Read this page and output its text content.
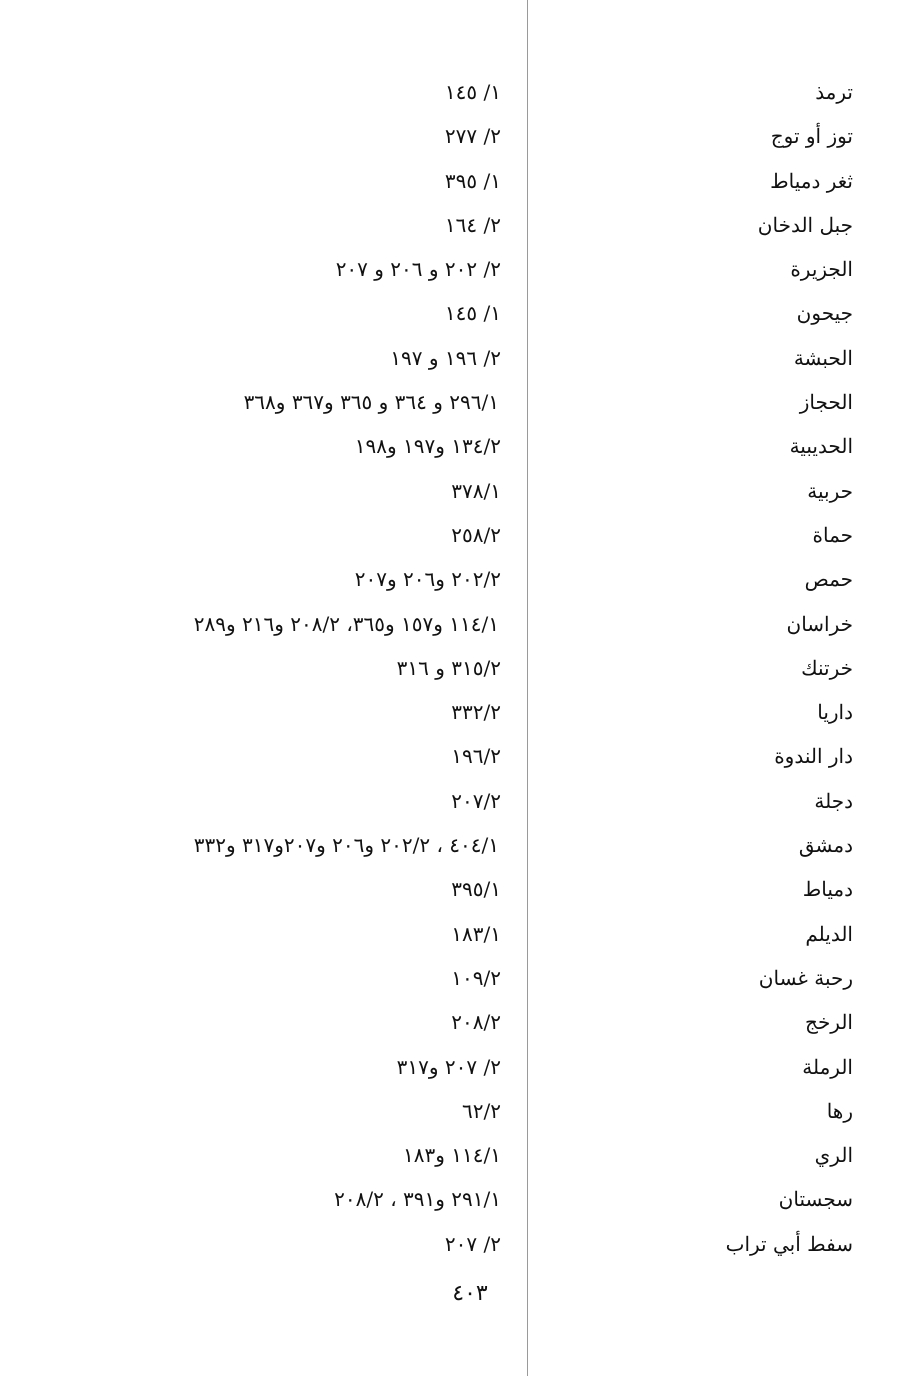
ترمذ
١/ ١٤٥
توز أو توج
٢/ ٢٧٧
ثغر دمياط
١/ ٣٩٥
جبل الدخان
٢/ ١٦٤
الجزيرة
٢/ ٢٠٢ و ٢٠٦ و ٢٠٧
جيحون
١/ ١٤٥
الحبشة
٢/ ١٩٦ و ١٩٧
الحجاز
٢٩٦/١ و ٣٦٤ و ٣٦٥ و٣٦٧ و٣٦٨
الحديبية
١٣٤/٢ و١٩٧ و١٩٨
حربية
٣٧٨/١
حماة
٢٥٨/٢
حمص
٢٠٢/٢ و٢٠٦ و٢٠٧
خراسان
١١٤/١ و١٥٧ و٣٦٥، ٢٠٨/٢ و٢١٦ و٢٨٩
خرتنك
٣١٥/٢ و ٣١٦
داريا
٣٣٢/٢
دار الندوة
١٩٦/٢
دجلة
٢٠٧/٢
دمشق
٤٠٤/١ ، ٢٠٢/٢ و٢٠٦ و٢٠٧و٣١٧ و٣٣٢
دمياط
٣٩٥/١
الديلم
١٨٣/١
رحبة غسان
١٠٩/٢
الرخج
٢٠٨/٢
الرملة
٢/ ٢٠٧ و٣١٧
رها
٦٢/٢
الري
١١٤/١ و١٨٣
سجستان
٢٩١/١ و٣٩١ ، ٢٠٨/٢
سفط أبي تراب
٢/ ٢٠٧
٤٠٣
